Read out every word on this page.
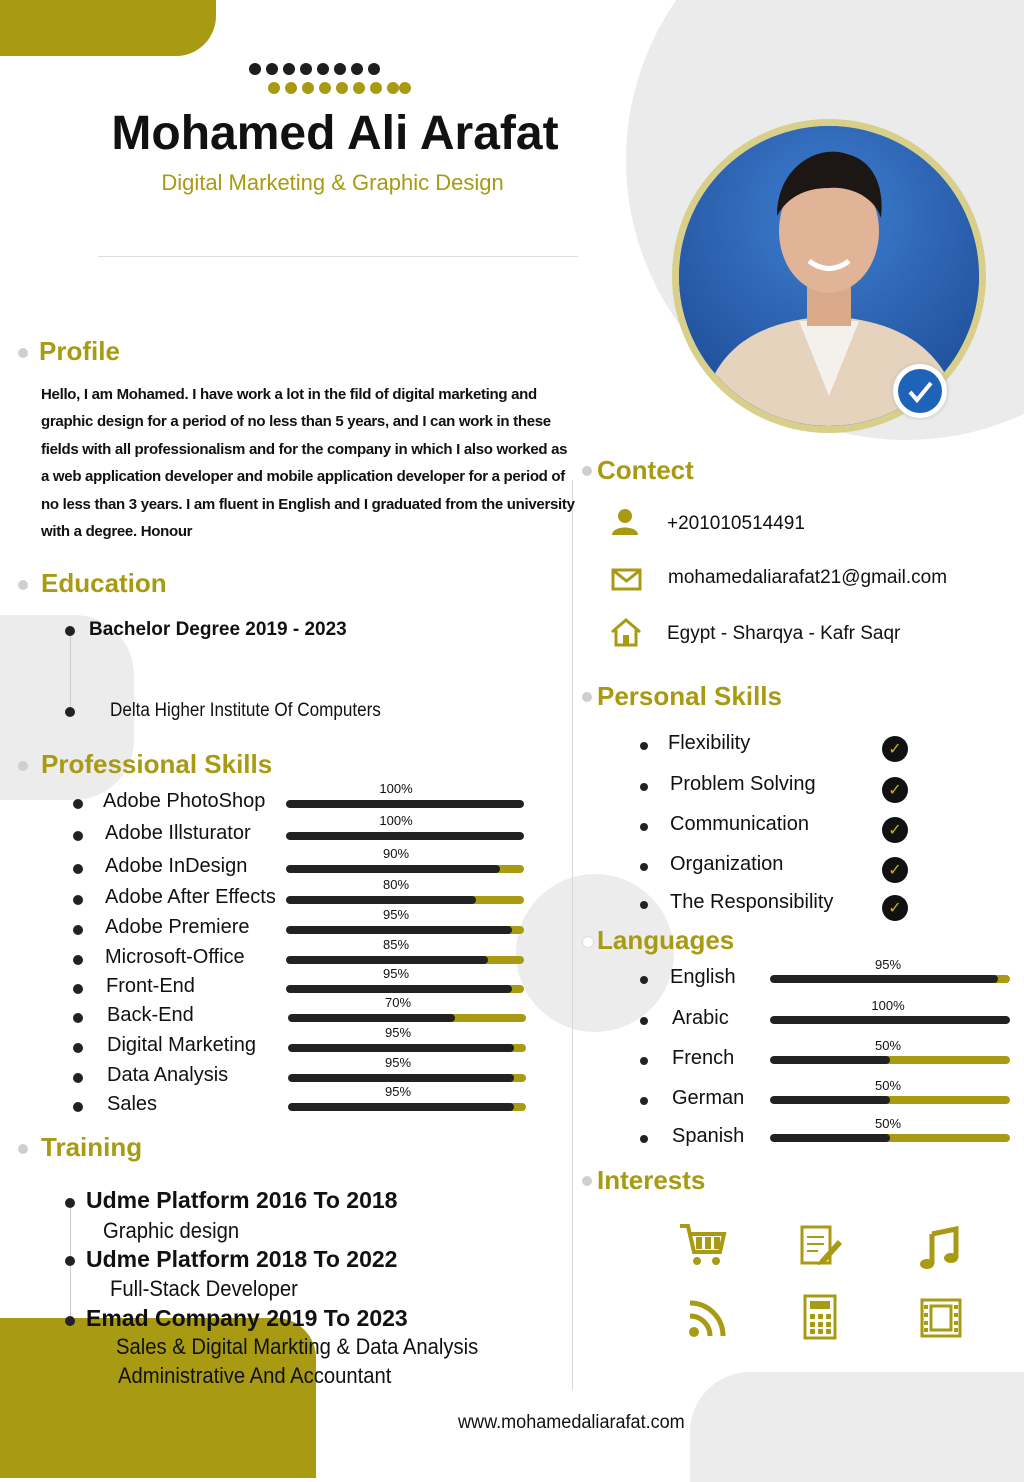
Mohamed Ali Arafat
Digital Marketing & Graphic Design
Profile
Hello, I am Mohamed. I have work a lot in the fild of digital marketing and
graphic design for a period of no less than 5 years, and I can work in these
fields with all professionalism and for the company in which I also worked as
a web application developer and mobile application developer for a period of
no less than 3 years. I am fluent in English and I graduated from the university
with a degree. Honour
Education
Bachelor Degree 2019 - 2023
Delta Higher Institute Of Computers
Professional Skills
Adobe PhotoShop
100%
Adobe Illsturator
100%
Adobe InDesign
90%
Adobe After Effects
80%
Adobe Premiere
95%
Microsoft-Office
85%
Front-End
95%
Back-End
70%
Digital Marketing
95%
Data Analysis
95%
Sales
95%
Training
Udme Platform 2016 To 2018
Graphic design
Udme Platform 2018 To 2022
Full-Stack Developer
Emad Company 2019 To 2023
Sales & Digital Markting & Data Analysis
Administrative And Accountant
Contect
+201010514491
mohamedaliarafat21@gmail.com
Egypt - Sharqya - Kafr Saqr
Personal Skills
Flexibility	✓
Problem Solving	✓
Communication	✓
Organization	✓
The Responsibility	✓
Languages
English
95%
Arabic
100%
French
50%
German
50%
Spanish
50%
Interests
www.mohamedaliarafat.com
